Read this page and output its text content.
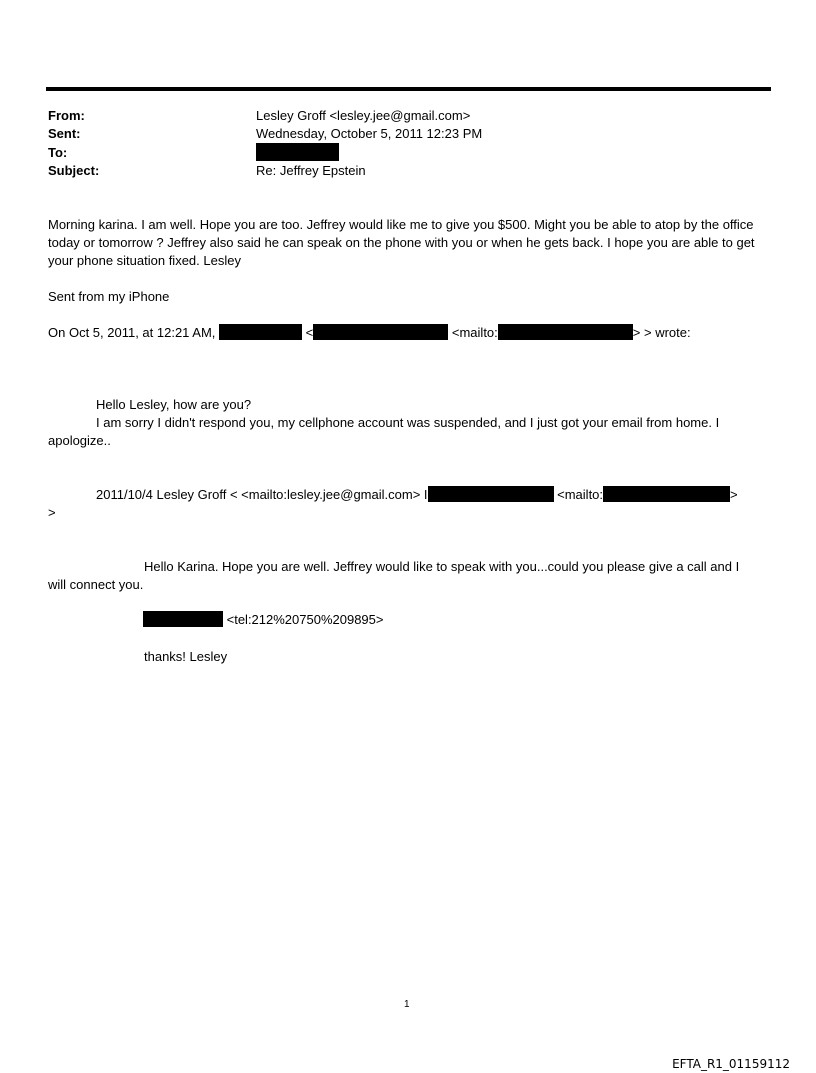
From:	Lesley Groff <lesley.jee@gmail.com>
Sent:	Wednesday, October 5, 2011 12:23 PM
To:
Subject:	Re: Jeffrey Epstein
Morning karina. I am well. Hope you are too. Jeffrey would like me to give you $500. Might you be able to atop by the office today or tomorrow ? Jeffrey also said he can speak on the phone with you or when he gets back. I hope you are able to get your phone situation fixed. Lesley
Sent from my iPhone
On Oct 5, 2011, at 12:21 AM,	<	<mailto:	> > wrote:
Hello Lesley, how are you?
I am sorry I didn't respond you, my cellphone account was suspended, and I just got your email from home. I
apologize..
2011/10/4 Lesley Groff < <mailto:lesley.jee@gmail.com> I	<mailto:	>
>
Hello Karina. Hope you are well. Jeffrey would like to speak with you...could you please give a call and I
will connect you.
<tel:212%20750%209895>
thanks! Lesley
1
EFTA_R1_01159112
